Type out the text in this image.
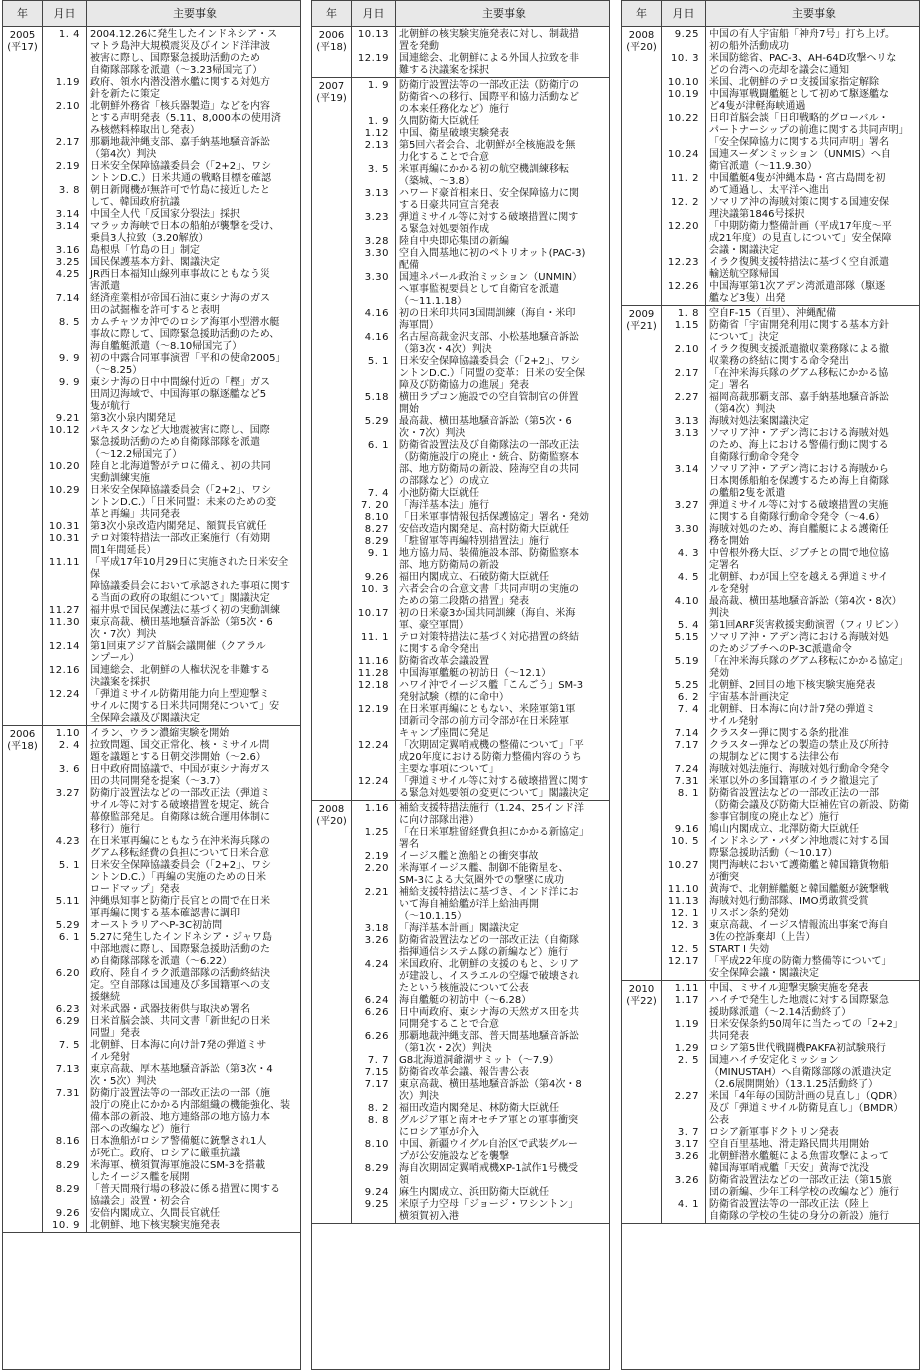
年	月日	主要事象
2005
(平17)
1. 4	2004.12.26に発生したインドネシア・ス
マトラ島沖大規模震災及びインド洋津波
被害に際し、国際緊急援助活動のため
自衛隊部隊を派遣（〜3.23帰国完了）
1.19	政府、領水内潜没潜水艦に関する対処方
針を新たに策定
2.10	北朝鮮外務省「核兵器製造」などを内容
とする声明発表（5.11、8,000本の使用済
み核燃料棒取出し発表）
2.17	那覇地裁沖縄支部、嘉手納基地騒音訴訟
（第4次）判決
2.19	日米安全保障協議委員会（「2+2」、ワシ
ントンD.C.）日米共通の戦略目標を確認
3. 8	朝日新聞機が無許可で竹島に接近したと
して、韓国政府抗議
3.14	中国全人代「反国家分裂法」採択
3.14	マラッカ海峡で日本の船舶が襲撃を受け、
乗員3人拉致（3.20解放）
3.16	島根県「竹島の日」制定
3.25	国民保護基本方針、閣議決定
4.25	JR西日本福知山線列車事故にともなう災
害派遣
7.14	経済産業相が帝国石油に東シナ海のガス
田の試掘権を許可すると表明
8. 5	カムチャツカ沖でのロシア海軍小型潜水艇
事故に際して、国際緊急援助活動のため、
海自艦艇派遣（〜8.10帰国完了）
9. 9	初の中露合同軍事演習「平和の使命2005」
（〜8.25）
9. 9	東シナ海の日中中間線付近の「樫」ガス
田周辺海域で、中国海軍の駆逐艦など5
隻が航行
9.21	第3次小泉内閣発足
10.12	パキスタンなど大地震被害に際し、国際
緊急援助活動のため自衛隊部隊を派遣
（〜12.2帰国完了）
10.20	陸自と北海道警がテロに備え、初の共同
実動訓練実施
10.29	日米安全保障協議委員会（「2+2」、ワシ
ントンD.C.）「日米同盟：未来のための変
革と再編」共同発表
10.31	第3次小泉改造内閣発足、額賀長官就任
10.31	テロ対策特措法一部改正案施行（有効期
間1年間延長）
11.11	「平成17年10月29日に実施された日米安全保
障協議委員会において承認された事項に関す
る当面の政府の取組について」閣議決定
11.27	福井県で国民保護法に基づく初の実動訓練
11.30	東京高裁、横田基地騒音訴訟（第5次・6
次・7次）判決
12.14	第1回東アジア首脳会議開催（クアラル
ンプール）
12.16	国連総会、北朝鮮の人権状況を非難する
決議案を採択
12.24	「弾道ミサイル防衛用能力向上型迎撃ミ
サイルに関する日米共同開発について」安
全保障会議及び閣議決定
2006
(平18)
1.10	イラン、ウラン濃縮実験を開始
2. 4	拉致問題、国交正常化、核・ミサイル問
題を議題とする日朝交渉開始（〜2.6）
3. 6	日中政府間協議で、中国が東シナ海ガス
田の共同開発を提案（〜3.7）
3.27	防衛庁設置法などの一部改正法（弾道ミ
サイル等に対する破壊措置を規定、統合
幕僚監部発足。自衛隊は統合運用体制に
移行）施行
4.23	在日米軍再編にともなう在沖米海兵隊の
グアム移転経費の負担について日米合意
5. 1	日米安全保障協議委員会（「2+2」、ワシ
ントンD.C.）「再編の実施のための日米
ロードマップ」発表
5.11	沖縄県知事と防衛庁長官との間で在日米
軍再編に関する基本確認書に調印
5.29	オーストラリアへP-3C初訪問
6. 1	5.27に発生したインドネシア・ジャワ島
中部地震に際し、国際緊急援助活動のた
め自衛隊部隊を派遣（〜6.22）
6.20	政府、陸自イラク派遣部隊の活動終結決
定。空自部隊は国連及び多国籍軍への支
援継続
6.23	対米武器・武器技術供与取決め署名
6.29	日米首脳会談、共同文書「新世紀の日米
同盟」発表
7. 5	北朝鮮、日本海に向け計7発の弾道ミサ
イル発射
7.13	東京高裁、厚木基地騒音訴訟（第3次・4
次・5次）判決
7.31	防衛庁設置法等の一部改正法の一部（施
設庁の廃止にかかる内部組織の機能強化、装
備本部の新設、地方連絡部の地方協力本
部への改編など）施行
8.16	日本漁船がロシア警備艇に銃撃され1人
が死亡。政府、ロシアに厳重抗議
8.29	米海軍、横須賀海軍施設にSM-3を搭載
したイージス艦を展開
8.29	「普天間飛行場の移設に係る措置に関する
協議会」設置・初会合
9.26	安倍内閣成立、久間長官就任
10. 9	北朝鮮、地下核実験実施発表
年	月日	主要事象
2006
(平18)
10.13	北朝鮮の核実験実施発表に対し、制裁措
置を発動
12.19	国連総会、北朝鮮による外国人拉致を非
難する決議案を採択
2007
(平19)
1. 9	防衛庁設置法等の一部改正法（防衛庁の
防衛省への移行、国際平和協力活動など
の本来任務化など）施行
1. 9	久間防衛大臣就任
1.12	中国、衛星破壊実験発表
2.13	第5回六者会合、北朝鮮が全核施設を無
力化することで合意
3. 5	米軍再編にかかる初の航空機訓練移転
（築城、〜3.8）
3.13	ハワード豪首相来日、安全保障協力に関
する日豪共同宣言発表
3.23	弾道ミサイル等に対する破壊措置に関す
る緊急対処要領作成
3.28	陸自中央即応集団の新編
3.30	空自入間基地に初のペトリオット(PAC-3)
配備
3.30	国連ネパール政治ミッション（UNMIN）
へ軍事監視要員として自衛官を派遣
（〜11.1.18）
4.16	初の日米印共同3国間訓練（海自・米印
海軍間）
4.16	名古屋高裁金沢支部、小松基地騒音訴訟
（第3次・4次）判決
5. 1	日米安全保障協議委員会（「2+2」、ワシ
ントンD.C.）「同盟の変革：日米の安全保
障及び防衛協力の進展」発表
5.18	横田ラプコン施設での空自管制官の併置
開始
5.29	最高裁、横田基地騒音訴訟（第5次・6
次・7次）判決
6. 1	防衛省設置法及び自衛隊法の一部改正法
（防衛施設庁の廃止・統合、防衛監察本
部、地方防衛局の新設、陸海空自の共同
の部隊など）の成立
7. 4	小池防衛大臣就任
7. 20	「海洋基本法」施行
8.10	「日米軍事情報包括保護協定」署名・発効
8.27	安倍改造内閣発足、高村防衛大臣就任
8.29	「駐留軍等再編特別措置法」施行
9. 1	地方協力局、装備施設本部、防衛監察本
部、地方防衛局の新設
9.26	福田内閣成立、石破防衛大臣就任
10. 3	六者会合の合意文書「共同声明の実施の
ための第二段階の措置」発表
10.17	初の日米豪3か国共同訓練（海自、米海
軍、豪空軍間）
11. 1	テロ対策特措法に基づく対応措置の終結
に関する命令発出
11.16	防衛省改革会議設置
11.28	中国海軍艦艇の初訪日（〜12.1）
12.18	ハワイ沖でイージス艦「こんごう」SM-3
発射試験（標的に命中）
12.19	在日米軍再編にともない、米陸軍第1軍
団新司令部の前方司令部が在日米陸軍
キャンプ座間に発足
12.24	「次期固定翼哨戒機の整備について」「平
成20年度における防衛力整備内容のうち
主要な事項について」
12.24	「弾道ミサイル等に対する破壊措置に関す
る緊急対処要領の変更について」閣議決定
2008
(平20)
1.16	補給支援特措法施行（1.24、25インド洋
に向け部隊出港）
1.25	「在日米軍駐留経費負担にかかる新協定」
署名
2.19	イージス艦と漁船との衝突事故
2.20	米海軍イージス艦、制御不能衛星を、
SM-3による大気圏外での撃墜に成功
2.21	補給支援特措法に基づき、インド洋にお
いて海自補給艦が洋上給油再開
（〜10.1.15）
3.18	「海洋基本計画」閣議決定
3.26	防衛省設置法などの一部改正法（自衛隊
指揮通信システム隊の新編など）施行
4.24	米国政府、北朝鮮の支援のもと、シリア
が建設し、イスラエルの空爆で破壊され
たという核施設について公表
6.24	海自艦艇の初訪中（〜6.28）
6.26	日中両政府、東シナ海の天然ガス田を共
同開発することで合意
6.26	那覇地裁沖縄支部、普天間基地騒音訴訟
（第1次・2次）判決
7. 7	G8北海道洞爺湖サミット（〜7.9）
7.15	防衛省改革会議、報告書公表
7.17	東京高裁、横田基地騒音訴訟（第4次・8
次）判決
8. 2	福田改造内閣発足、林防衛大臣就任
8. 8	グルジア軍と南オセチア軍との軍事衝突
にロシア軍が介入
8.10	中国、新疆ウイグル自治区で武装グルー
プが公安施設などを襲撃
8.29	海自次期固定翼哨戒機XP-1試作1号機受
領
9.24	麻生内閣成立、浜田防衛大臣就任
9.25	米原子力空母「ジョージ・ワシントン」
横須賀初入港
年	月日	主要事象
2008
(平20)
9.25	中国の有人宇宙船「神舟7号」打ち上げ。
初の船外活動成功
10. 3	米国防総省、PAC-3、AH-64D攻撃ヘリな
どの台湾への売却を議会に通知
10.10	米国、北朝鮮のテロ支援国家指定解除
10.19	中国海軍戦闘艦艇として初めて駆逐艦な
ど4隻が津軽海峡通過
10.22	日印首脳会談「日印戦略的グローバル・
パートナーシップの前進に関する共同声明」
「安全保障協力に関する共同声明」署名
10.24	国連スーダンミッション（UNMIS）へ自
衛官派遣（〜11.9.30）
11. 2	中国艦艇4隻が沖縄本島・宮古島間を初
めて通過し、太平洋へ進出
12. 2	ソマリア沖の海賊対策に関する国連安保
理決議第1846号採択
12.20	「中期防衛力整備計画（平成17年度〜平
成21年度）の見直しについて」安全保障
会議・閣議決定
12.23	イラク復興支援特措法に基づく空自派遣
輸送航空隊帰国
12.26	中国海軍第1次アデン湾派遣部隊（駆逐
艦など3隻）出発
2009
(平21)
1. 8	空自F-15（百里）、沖縄配備
1.15	防衛省「宇宙開発利用に関する基本方針
について」決定
2.10	イラク復興支援派遣撤収業務隊による撤
収業務の終結に関する命令発出
2.17	「在沖米海兵隊のグアム移転にかかる協
定」署名
2.27	福岡高裁那覇支部、嘉手納基地騒音訴訟
（第4次）判決
3.13	海賊対処法案閣議決定
3.13	ソマリア沖・アデン湾における海賊対処
のため、海上における警備行動に関する
自衛隊行動命令発令
3.14	ソマリア沖・アデン湾における海賊から
日本関係船舶を保護するため海上自衛隊
の艦船2隻を派遣
3.27	弾道ミサイル等に対する破壊措置の実施
に関する自衛隊行動命令発令（〜4.6）
3.30	海賊対処のため、海自艦艇による護衛任
務を開始
4. 3	中曽根外務大臣、ジブチとの間で地位協
定署名
4. 5	北朝鮮、わが国上空を越える弾道ミサイ
ルを発射
4.10	最高裁、横田基地騒音訴訟（第4次・8次）
判決
5. 4	第1回ARF災害救援実動演習（フィリピン）
5.15	ソマリア沖・アデン湾における海賊対処
のためジブチへのP-3C派遣命令
5.19	「在沖米海兵隊のグアム移転にかかる協定」
発効
5.25	北朝鮮、2回目の地下核実験実施発表
6. 2	宇宙基本計画決定
7. 4	北朝鮮、日本海に向け計7発の弾道ミ
サイル発射
7.14	クラスター弾に関する条約批准
7.17	クラスター弾などの製造の禁止及び所持
の規制などに関する法律公布
7.24	海賊対処法施行、海賊対処行動命令発令
7.31	米軍以外の多国籍軍のイラク撤退完了
8. 1	防衛省設置法などの一部改正法の一部
（防衛会議及び防衛大臣補佐官の新設、防衛
参事官制度の廃止など）施行
9.16	鳩山内閣成立、北澤防衛大臣就任
10. 5	インドネシア・パダン沖地震に対する国
際緊急援助活動（〜10.17）
10.27	関門海峡において護衛艦と韓国籍貨物船
が衝突
11.10	黄海で、北朝鮮艦艇と韓国艦艇が銃撃戦
11.13	海賊対処行動部隊、IMO勇敢賞受賞
12. 1	リスボン条約発効
12. 3	東京高裁、イージス情報流出事案で海自
3佐の控訴棄却（上告）
12. 5	START I 失効
12.17	「平成22年度の防衛力整備等について」
安全保障会議・閣議決定
2010
(平22)
1.11	中国、ミサイル迎撃実験実施を発表
1.17	ハイチで発生した地震に対する国際緊急
援助隊派遣（〜2.14活動終了）
1.19	日米安保条約50周年に当たっての「2+2」
共同発表
1.29	ロシア第5世代戦闘機PAKFA初試験飛行
2. 5	国連ハイチ安定化ミッション
（MINUSTAH）へ自衛隊部隊の派遣決定
（2.6展開開始）（13.1.25活動終了）
2.27	米国「4年毎の国防計画の見直し」（QDR）
及び「弾道ミサイル防衛見直し」（BMDR）
公表
3. 7	ロシア新軍事ドクトリン発表
3.17	空自百里基地、滑走路民間共用開始
3.26	北朝鮮潜水艦艇による魚雷攻撃によって
韓国海軍哨戒艦「天安」黄海で沈没
3.26	防衛省設置法などの一部改正法（第15旅
団の新編、少年工科学校の改編など）施行
4. 1	防衛省設置法等の一部改正法（陸上
自衛隊の学校の生徒の身分の新設）施行
